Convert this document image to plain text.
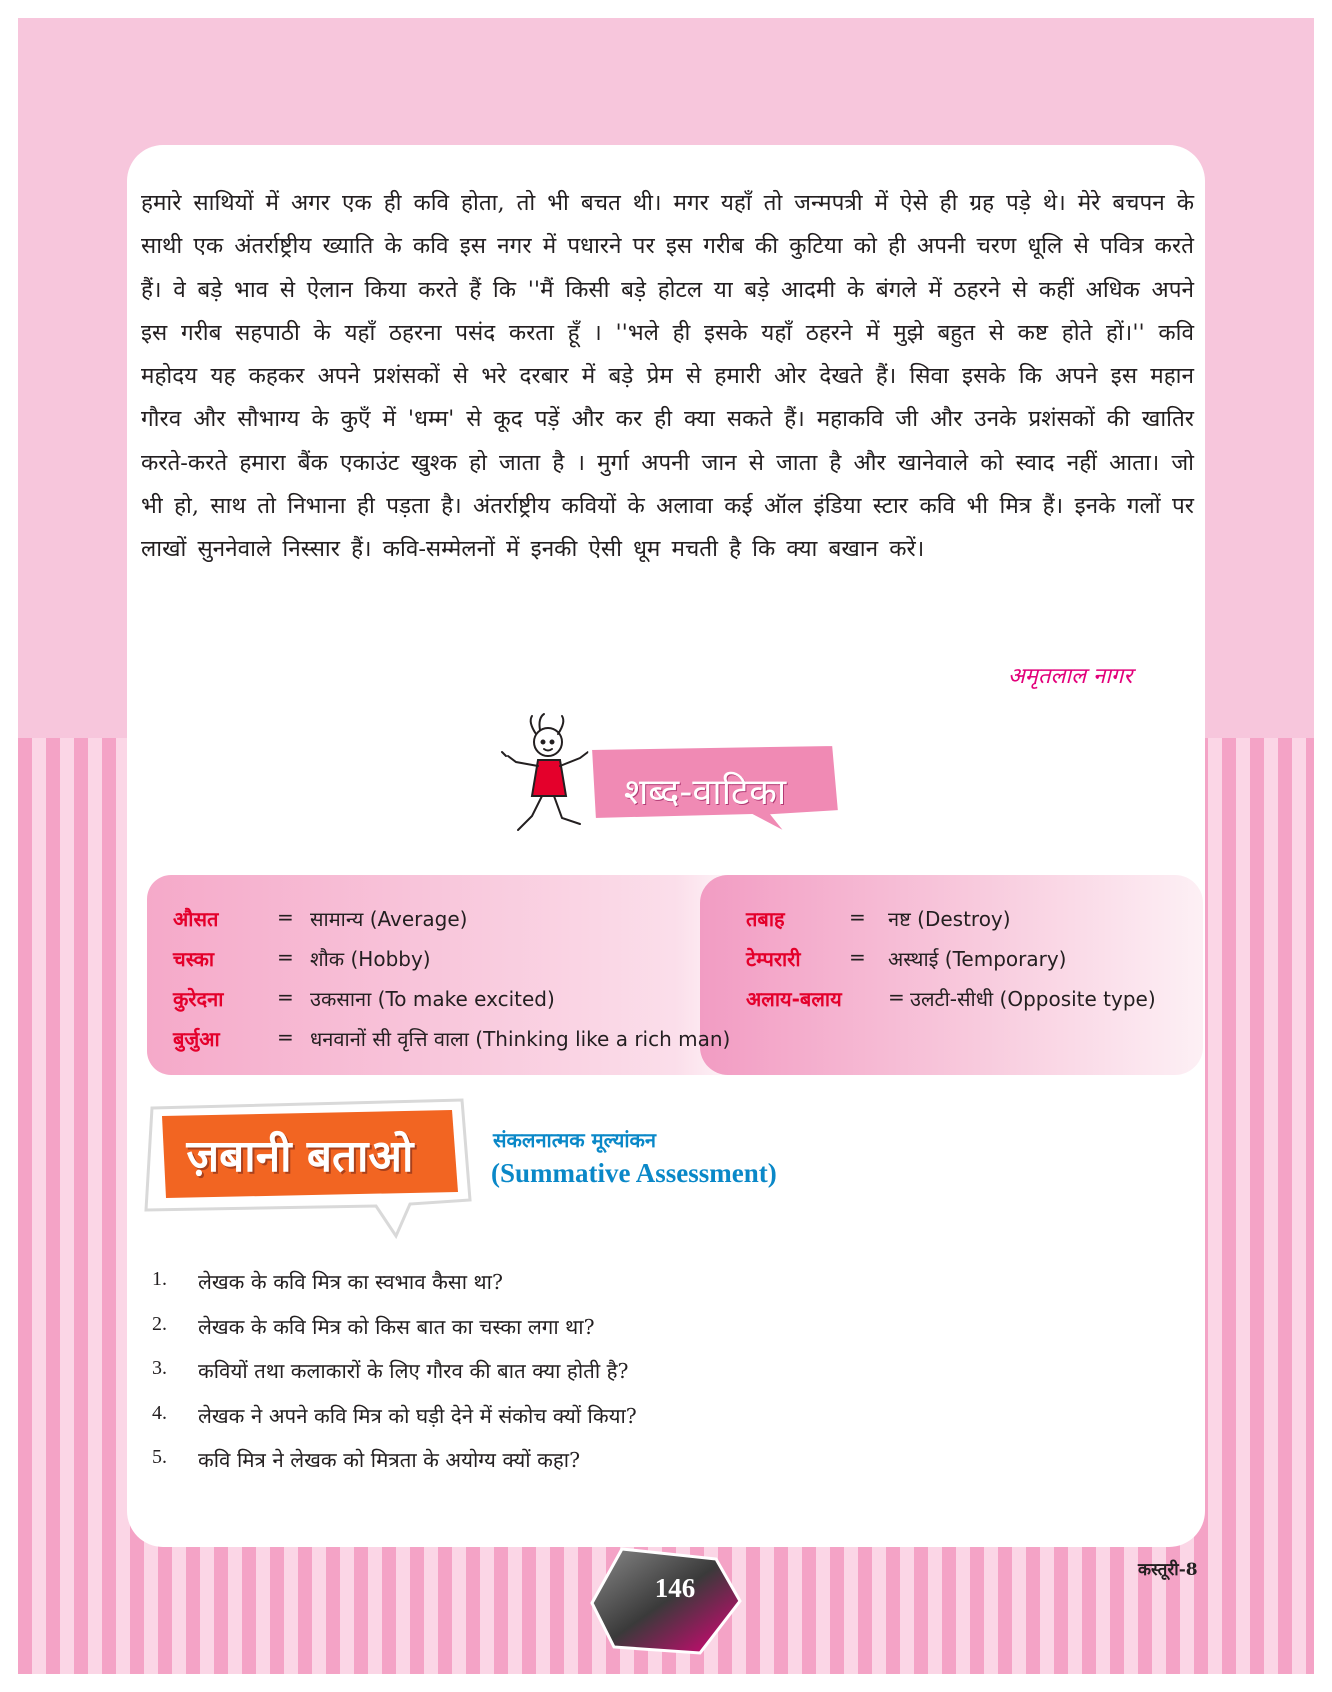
हमारे साथियों में अगर एक ही कवि होता, तो भी बचत थी। मगर यहाँ तो जन्मपत्री में ऐसे ही ग्रह पड़े थे। मेरे बचपन के साथी एक अंतर्राष्ट्रीय ख्याति के कवि इस नगर में पधारने पर इस गरीब की कुटिया को ही अपनी चरण धूलि से पवित्र करते हैं। वे बड़े भाव से ऐलान किया करते हैं कि ''मैं किसी बड़े होटल या बड़े आदमी के बंगले में ठहरने से कहीं अधिक अपने इस गरीब सहपाठी के यहाँ ठहरना पसंद करता हूँ । ''भले ही इसके यहाँ ठहरने में मुझे बहुत से कष्ट होते हों।'' कवि महोदय यह कहकर अपने प्रशंसकों से भरे दरबार में बड़े प्रेम से हमारी ओर देखते हैं। सिवा इसके कि अपने इस महान गौरव और सौभाग्य के कुएँ में 'धम्म' से कूद पड़ें और कर ही क्या सकते हैं। महाकवि जी और उनके प्रशंसकों की खातिर करते-करते हमारा बैंक एकाउंट खुश्क हो जाता है । मुर्गा अपनी जान से जाता है और खानेवाले को स्वाद नहीं आता। जो भी हो, साथ तो निभाना ही पड़ता है। अंतर्राष्ट्रीय कवियों के अलावा कई ऑल इंडिया स्टार कवि भी मित्र हैं। इनके गलों पर लाखों सुननेवाले निस्सार हैं। कवि-सम्मेलनों में इनकी ऐसी धूम मचती है कि क्या बखान करें।
अमृतलाल नागर
शब्द-वाटिका
औसत	= सामान्य (Average)
चस्का	= शौक (Hobby)
कुरेदना	= उकसाना (To make excited)
बुर्जुआ	= धनवानों सी वृत्ति वाला (Thinking like a rich man)
तबाह	= नष्ट (Destroy)
टेम्परारी = अस्थाई (Temporary)
अलाय-बलाय = उलटी-सीधी (Opposite type)
ज़बानी बताओ	संकलनात्मक मूल्यांकन
(Summative Assessment)
1.	लेखक के कवि मित्र का स्वभाव कैसा था?
2.	लेखक के कवि मित्र को किस बात का चस्का लगा था?
3.	कवियों तथा कलाकारों के लिए गौरव की बात क्या होती है?
4.	लेखक ने अपने कवि मित्र को घड़ी देने में संकोच क्यों किया?
5.	कवि मित्र ने लेखक को मित्रता के अयोग्य क्यों कहा?
कस्तूरी-8
146
